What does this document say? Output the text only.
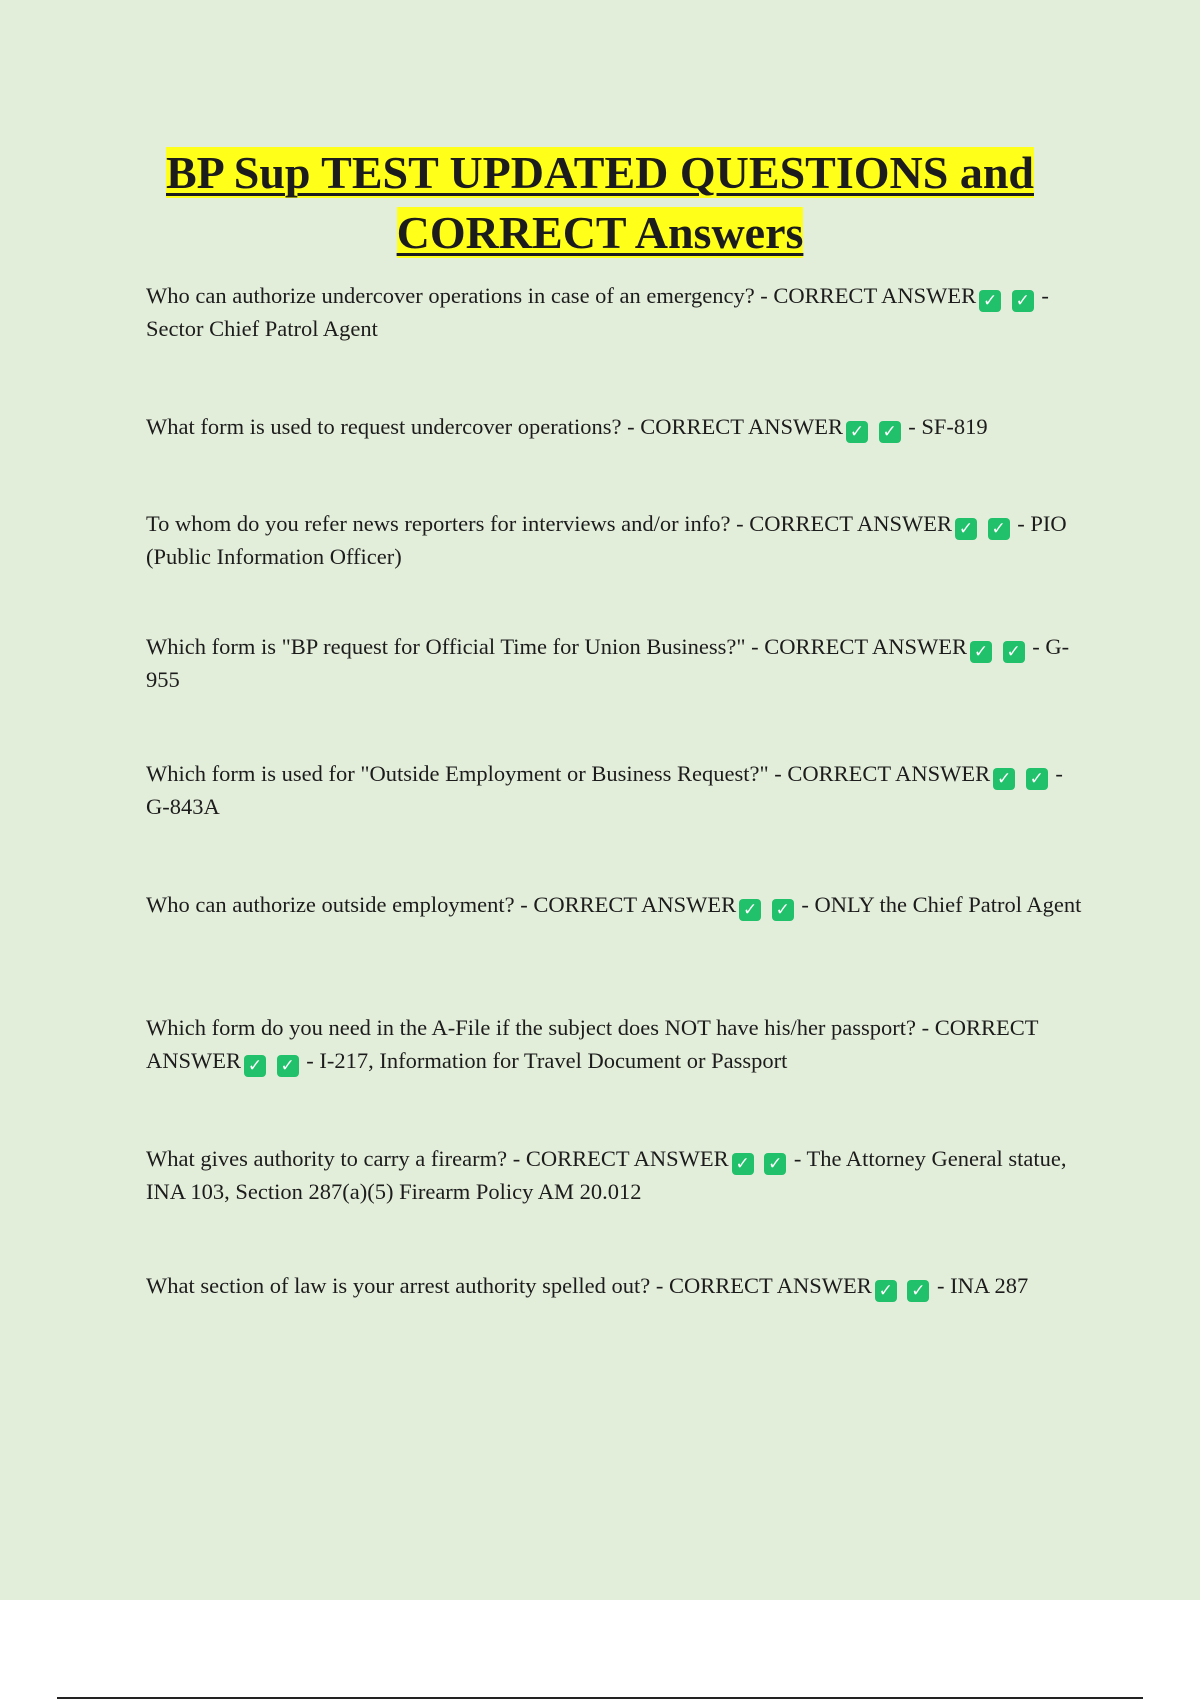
BP Sup TEST UPDATED QUESTIONS and
CORRECT Answers

Who can authorize undercover operations in case of an emergency? - CORRECT ANSWER ✓ ✓ - Sector Chief Patrol Agent

What form is used to request undercover operations? - CORRECT ANSWER ✓ ✓ - SF-819

To whom do you refer news reporters for interviews and/or info? - CORRECT ANSWER ✓ ✓ - PIO (Public Information Officer)

Which form is "BP request for Official Time for Union Business?" - CORRECT ANSWER ✓ ✓ - G-955

Which form is used for "Outside Employment or Business Request?" - CORRECT ANSWER ✓ ✓ - G-843A

Who can authorize outside employment? - CORRECT ANSWER ✓ ✓ - ONLY the Chief Patrol Agent

Which form do you need in the A-File if the subject does NOT have his/her passport? - CORRECT ANSWER ✓ ✓ - I-217, Information for Travel Document or Passport

What gives authority to carry a firearm? - CORRECT ANSWER ✓ ✓ - The Attorney General statue, INA 103, Section 287(a)(5) Firearm Policy AM 20.012

What section of law is your arrest authority spelled out? - CORRECT ANSWER ✓ ✓ - INA 287
